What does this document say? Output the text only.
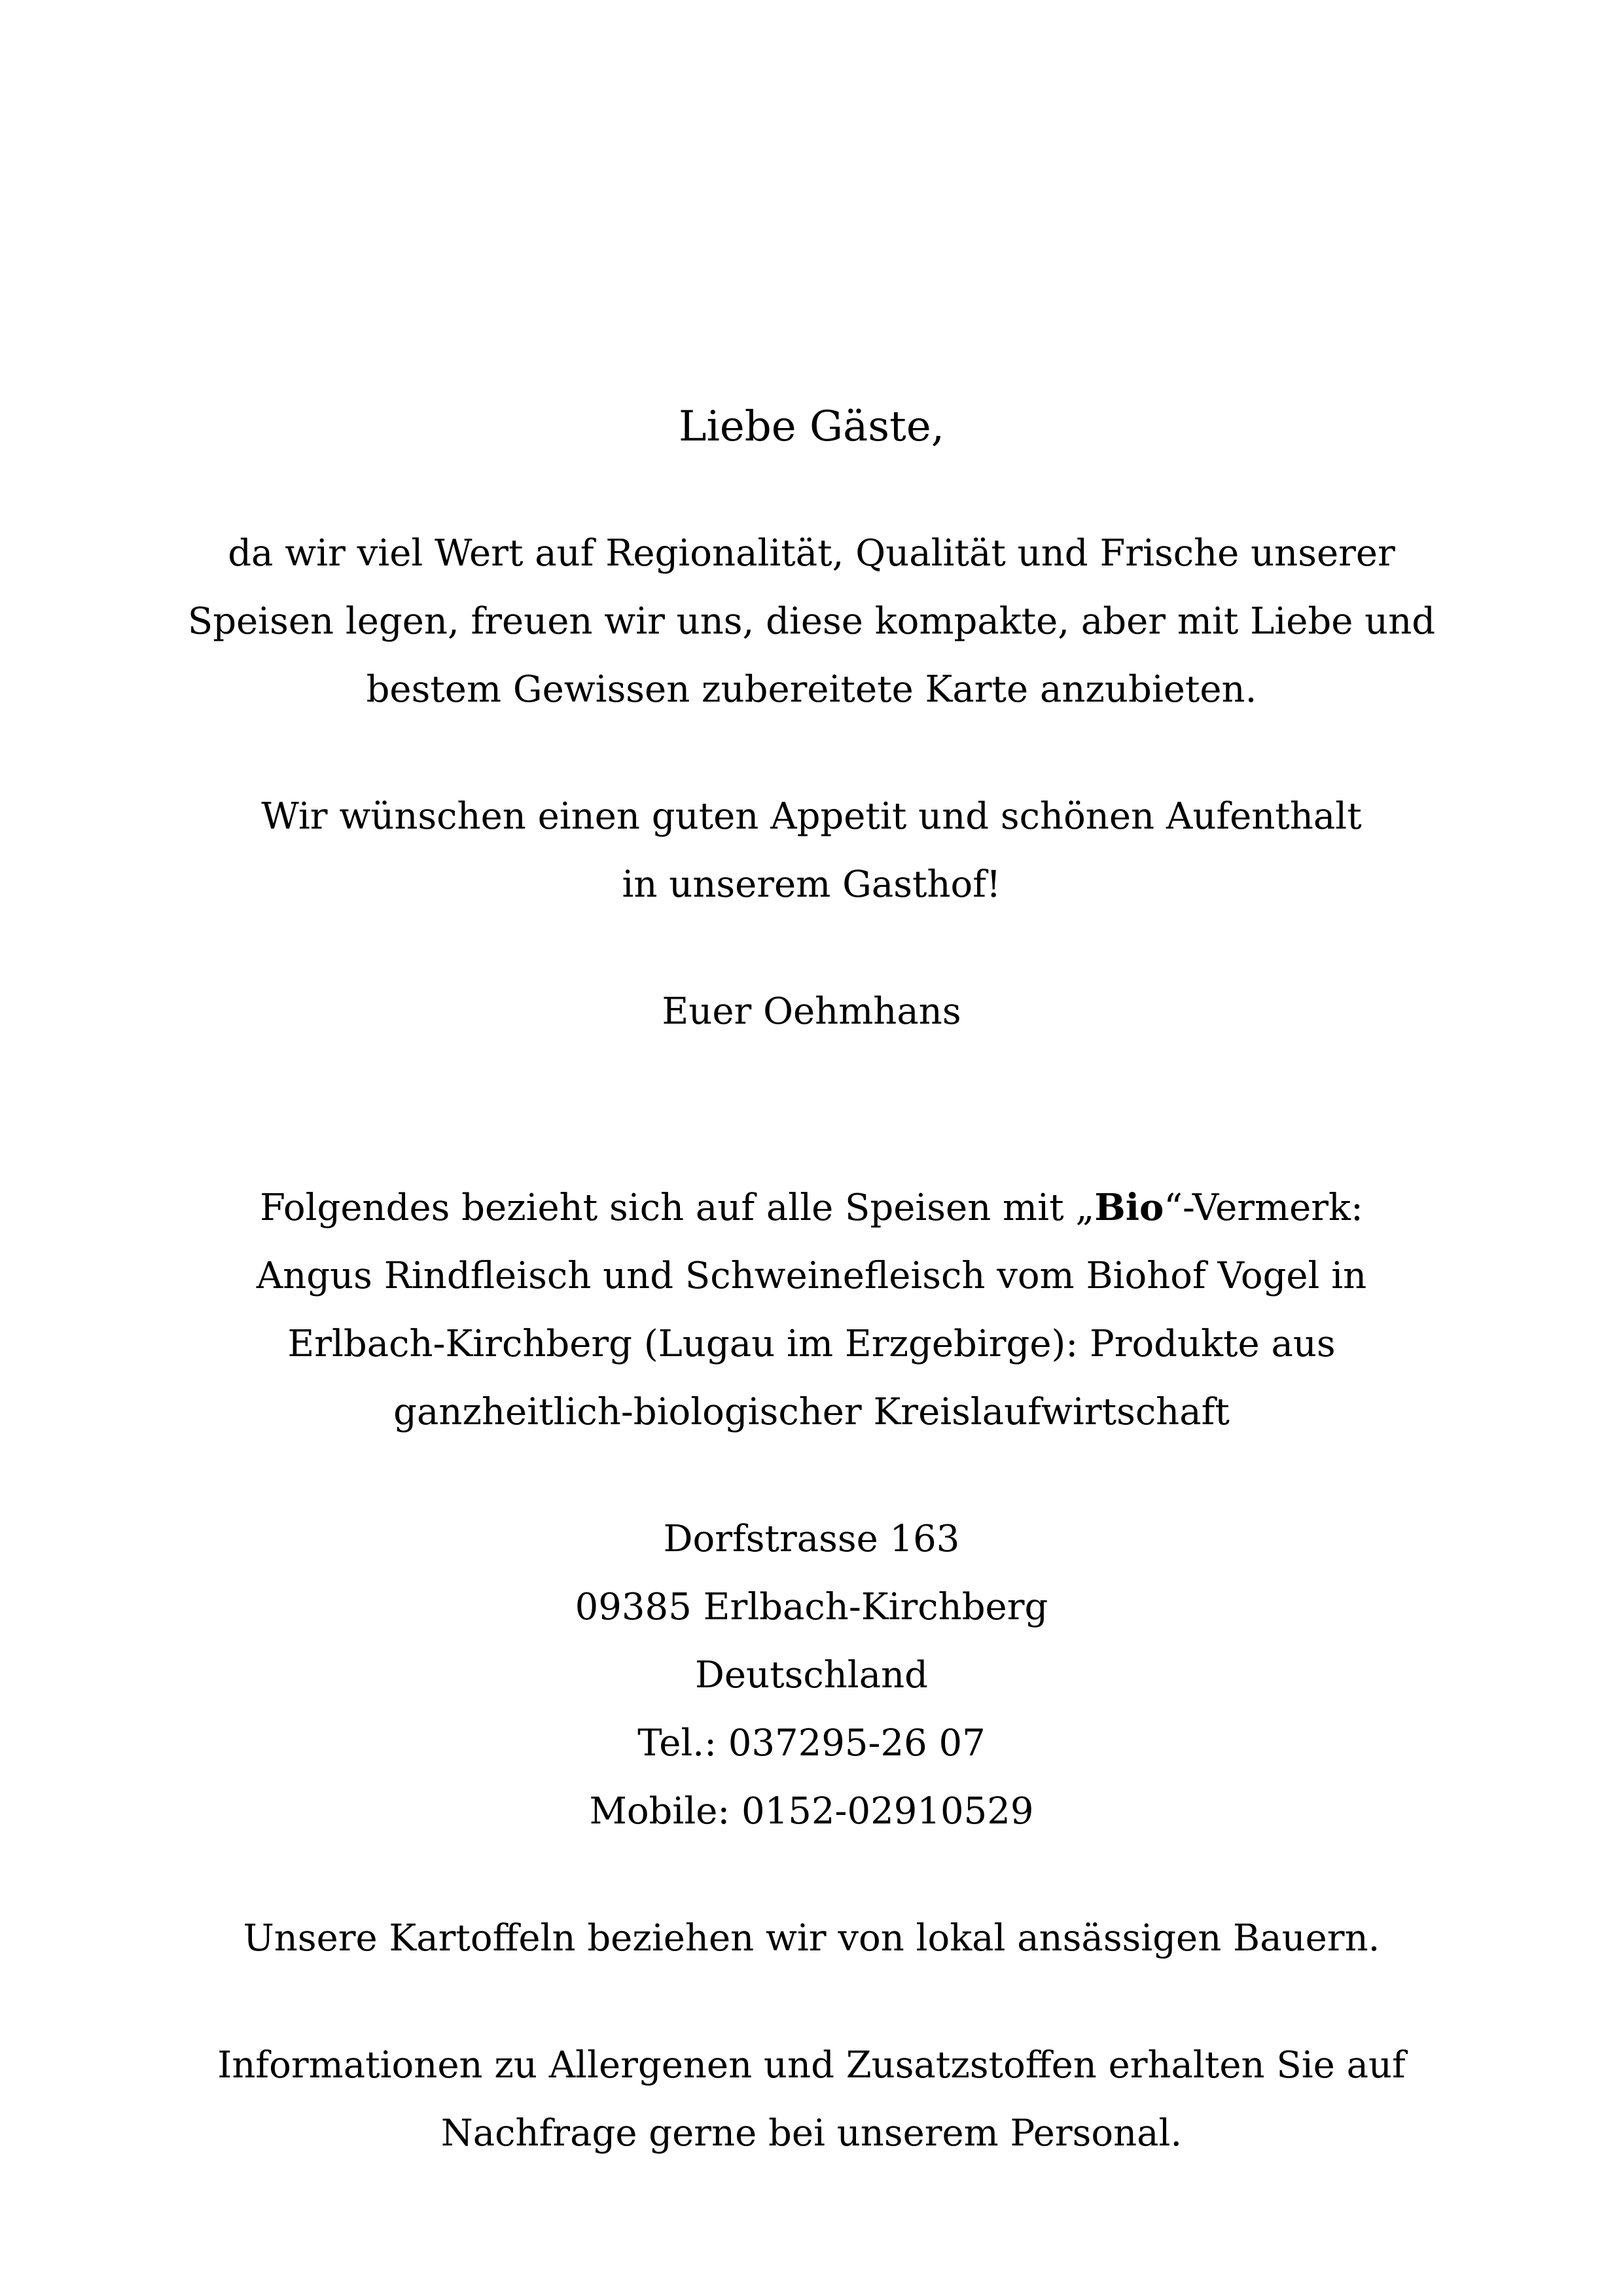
Liebe Gäste,

da wir viel Wert auf Regionalität, Qualität und Frische unserer
Speisen legen, freuen wir uns, diese kompakte, aber mit Liebe und
bestem Gewissen zubereitete Karte anzubieten.

Wir wünschen einen guten Appetit und schönen Aufenthalt
in unserem Gasthof!

Euer Oehmhans

Folgendes bezieht sich auf alle Speisen mit „Bio“-Vermerk:
Angus Rindfleisch und Schweinefleisch vom Biohof Vogel in
Erlbach-Kirchberg (Lugau im Erzgebirge): Produkte aus
ganzheitlich-biologischer Kreislaufwirtschaft

Dorfstrasse 163
09385 Erlbach-Kirchberg
Deutschland
Tel.: 037295-26 07
Mobile: 0152-02910529

Unsere Kartoffeln beziehen wir von lokal ansässigen Bauern.

Informationen zu Allergenen und Zusatzstoffen erhalten Sie auf
Nachfrage gerne bei unserem Personal.
